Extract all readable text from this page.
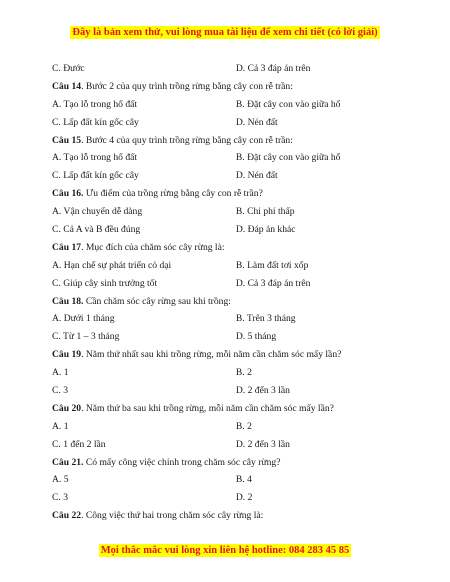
Đây là bản xem thử, vui lòng mua tài liệu để xem chi tiết (có lời giải)
C. Đước	D. Cả 3 đáp án trên
Câu 14. Bước 2 của quy trình trồng rừng bằng cây con rễ trần:
A. Tạo lỗ trong hố đất	B. Đặt cây con vào giữa hố
C. Lấp đất kín gốc cây	D. Nén đất
Câu 15. Bước 4 của quy trình trồng rừng bằng cây con rễ trần:
A. Tạo lỗ trong hố đất	B. Đặt cây con vào giữa hố
C. Lấp đất kín gốc cây	D. Nén đất
Câu 16. Ưu điểm của trồng rừng bằng cây con rễ trần?
A. Vận chuyển dễ dàng	B. Chi phí thấp
C. Cả A và B đều đúng	D. Đáp án khác
Câu 17. Mục đích của chăm sóc cây rừng là:
A. Hạn chế sự phát triển cỏ dại	B. Làm đất tơi xốp
C. Giúp cây sinh trưởng tốt	D. Cả 3 đáp án trên
Câu 18. Cần chăm sóc cây rừng sau khi trồng:
A. Dưới 1 tháng	B. Trên 3 tháng
C. Từ 1 – 3 tháng	D. 5 tháng
Câu 19. Năm thứ nhất sau khi trồng rừng, mỗi năm cần chăm sóc mấy lần?
A. 1	B. 2
C. 3	D. 2 đến 3 lần
Câu 20. Năm thứ ba sau khi trồng rừng, mỗi năm cần chăm sóc mấy lần?
A. 1	B. 2
C. 1 đến 2 lần	D. 2 đến 3 lần
Câu 21. Có mấy công việc chính trong chăm sóc cây rừng?
A. 5	B. 4
C. 3	D. 2
Câu 22. Công việc thứ hai trong chăm sóc cây rừng là:
Mọi thắc mắc vui lòng xin liên hệ hotline: 084 283 45 85
